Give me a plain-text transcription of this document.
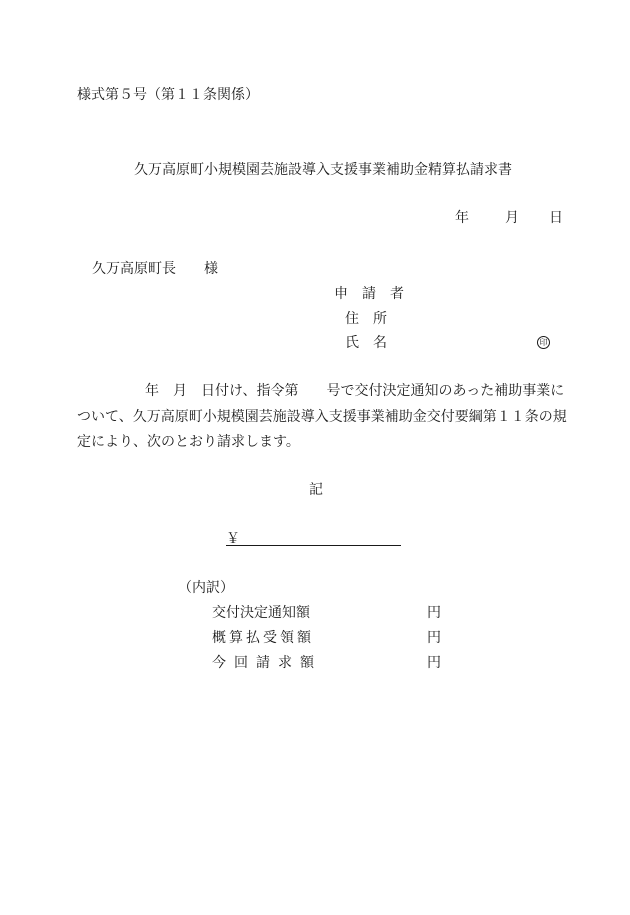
様式第５号（第１１条関係）
久万高原町小規模園芸施設導入支援事業補助金精算払請求書
年	月 日
久万高原町長　　様
申　請　者
住　所
氏　名	印
年　月　日付け、指令第　　号で交付決定通知のあった補助事業に
ついて、久万高原町小規模園芸施設導入支援事業補助金交付要綱第１１条の規
定により、次のとおり請求します。
記
￥
（内訳）
交付決定通知額	円
概算払受領額	円
今回請求額	円
